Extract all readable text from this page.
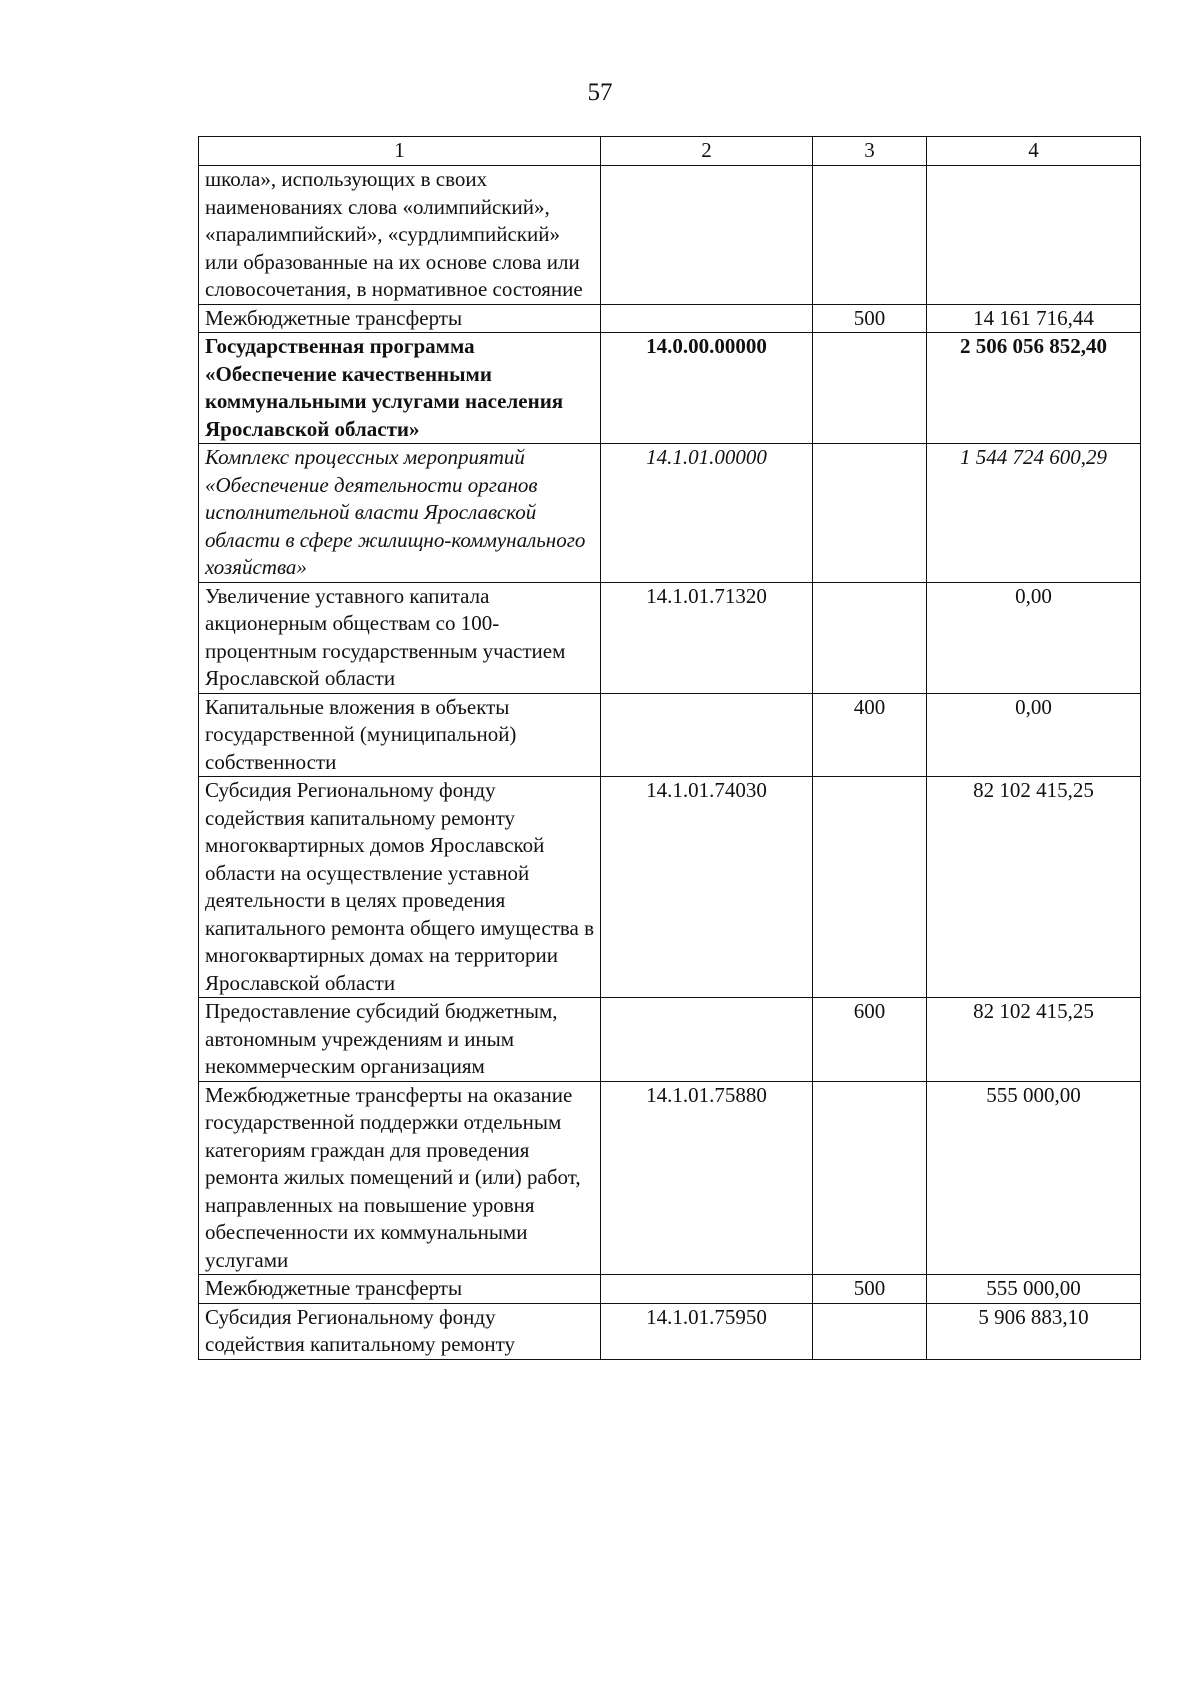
57
1	2	3	4
школа», использующих в своих наименованиях слова «олимпийский», «паралимпийский», «сурдлимпийский» или образованные на их основе слова или словосочетания, в нормативное состояние			
Межбюджетные трансферты		500	14 161 716,44
Государственная программа «Обеспечение качественными коммунальными услугами населения Ярославской области»	14.0.00.00000		2 506 056 852,40
Комплекс процессных мероприятий «Обеспечение деятельности органов исполнительной власти Ярославской области в сфере жилищно-коммунального хозяйства»	14.1.01.00000		1 544 724 600,29
Увеличение уставного капитала акционерным обществам со 100-процентным государственным участием Ярославской области	14.1.01.71320		0,00
Капитальные вложения в объекты государственной (муниципальной) собственности		400	0,00
Субсидия Региональному фонду содействия капитальному ремонту многоквартирных домов Ярославской области на осуществление уставной деятельности в целях проведения капитального ремонта общего имущества в многоквартирных домах на территории Ярославской области	14.1.01.74030		82 102 415,25
Предоставление субсидий бюджетным, автономным учреждениям и иным некоммерческим организациям		600	82 102 415,25
Межбюджетные трансферты на оказание государственной поддержки отдельным категориям граждан для проведения ремонта жилых помещений и (или) работ, направленных на повышение уровня обеспеченности их коммунальными услугами	14.1.01.75880		555 000,00
Межбюджетные трансферты		500	555 000,00
Субсидия Региональному фонду содействия капитальному ремонту	14.1.01.75950		5 906 883,10
